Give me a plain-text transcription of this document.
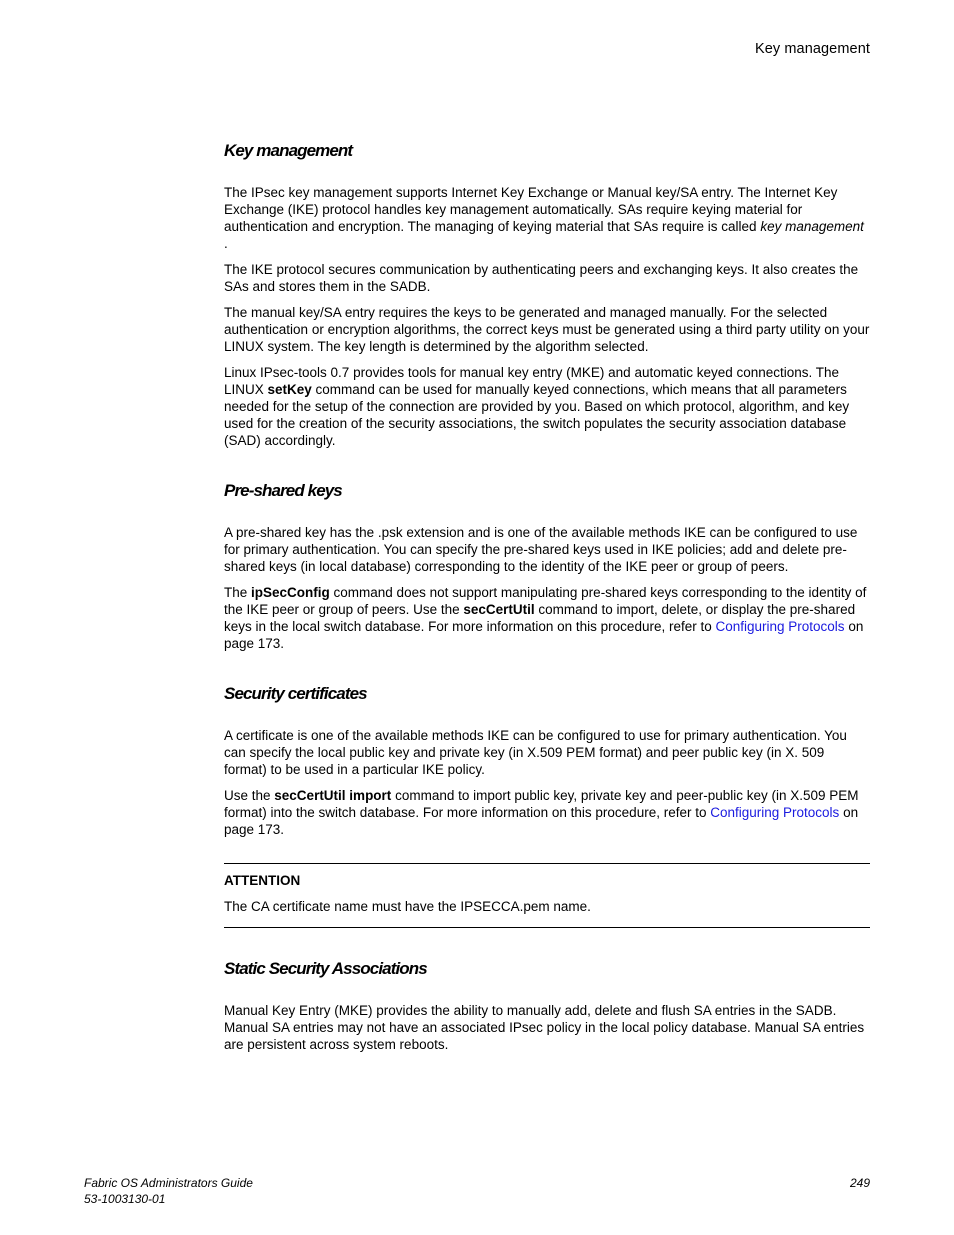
Key management
Key management

The IPsec key management supports Internet Key Exchange or Manual key/SA entry. The Internet Key Exchange (IKE) protocol handles key management automatically. SAs require keying material for authentication and encryption. The managing of keying material that SAs require is called key management .

The IKE protocol secures communication by authenticating peers and exchanging keys. It also creates the SAs and stores them in the SADB.

The manual key/SA entry requires the keys to be generated and managed manually. For the selected authentication or encryption algorithms, the correct keys must be generated using a third party utility on your LINUX system. The key length is determined by the algorithm selected.

Linux IPsec-tools 0.7 provides tools for manual key entry (MKE) and automatic keyed connections. The LINUX setKey command can be used for manually keyed connections, which means that all parameters needed for the setup of the connection are provided by you. Based on which protocol, algorithm, and key used for the creation of the security associations, the switch populates the security association database (SAD) accordingly.

Pre-shared keys

A pre-shared key has the .psk extension and is one of the available methods IKE can be configured to use for primary authentication. You can specify the pre-shared keys used in IKE policies; add and delete pre-shared keys (in local database) corresponding to the identity of the IKE peer or group of peers.

The ipSecConfig command does not support manipulating pre-shared keys corresponding to the identity of the IKE peer or group of peers. Use the secCertUtil command to import, delete, or display the pre-shared keys in the local switch database. For more information on this procedure, refer to Configuring Protocols on page 173.

Security certificates

A certificate is one of the available methods IKE can be configured to use for primary authentication. You can specify the local public key and private key (in X.509 PEM format) and peer public key (in X. 509 format) to be used in a particular IKE policy.

Use the secCertUtil import command to import public key, private key and peer-public key (in X.509 PEM format) into the switch database. For more information on this procedure, refer to Configuring Protocols on page 173.

ATTENTION

The CA certificate name must have the IPSECCA.pem name.

Static Security Associations

Manual Key Entry (MKE) provides the ability to manually add, delete and flush SA entries in the SADB. Manual SA entries may not have an associated IPsec policy in the local policy database. Manual SA entries are persistent across system reboots.

Fabric OS Administrators Guide
53-1003130-01
249
